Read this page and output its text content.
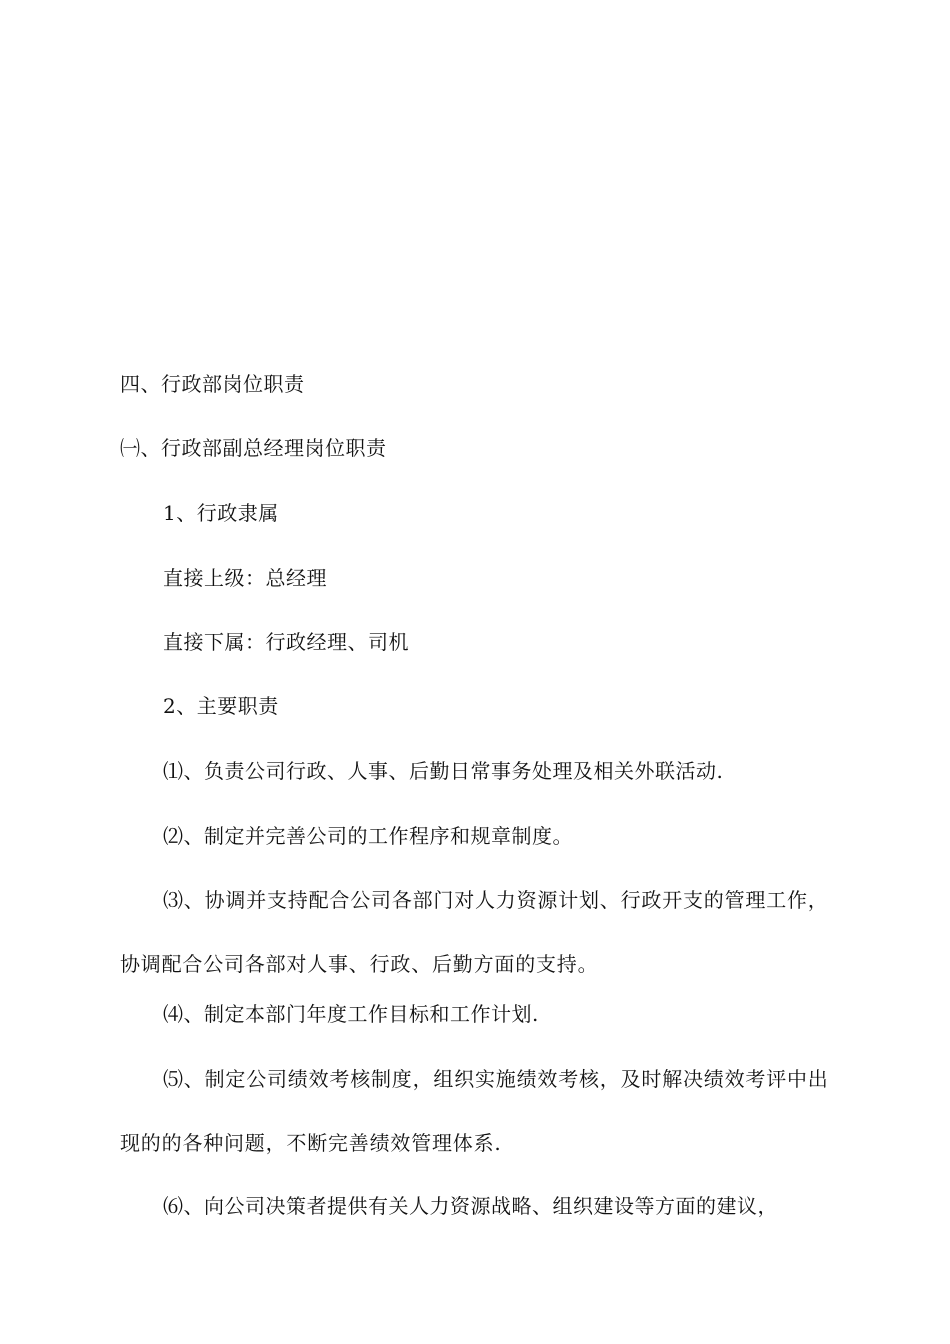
四、行政部岗位职责
㈠、行政部副总经理岗位职责
1、行政隶属
直接上级：总经理
直接下属：行政经理、司机
2、主要职责
⑴、负责公司行政、人事、后勤日常事务处理及相关外联活动.
⑵、制定并完善公司的工作程序和规章制度。
⑶、协调并支持配合公司各部门对人力资源计划、行政开支的管理工作，协调配合公司各部对人事、行政、后勤方面的支持。
⑷、制定本部门年度工作目标和工作计划.
⑸、制定公司绩效考核制度，组织实施绩效考核，及时解决绩效考评中出现的的各种问题，不断完善绩效管理体系.
⑹、向公司决策者提供有关人力资源战略、组织建设等方面的建议，
